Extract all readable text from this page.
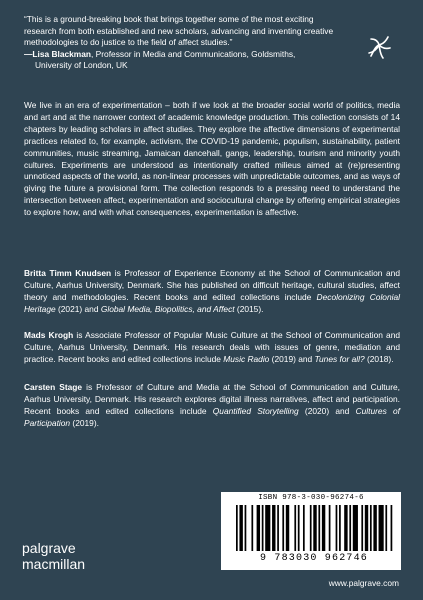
“This is a ground-breaking book that brings together some of the most exciting research from both established and new scholars, advancing and inventing creative methodologies to do justice to the field of affect studies.”

—Lisa Blackman, Professor in Media and Communications, Goldsmiths,

University of London, UK

We live in an era of experimentation – both if we look at the broader social world of politics, media and art and at the narrower context of academic knowledge production. This collection consists of 14 chapters by leading scholars in affect studies. They explore the affective dimensions of experimental practices related to, for example, activism, the COVID-19 pandemic, populism, sustainability, patient communities, music streaming, Jamaican dancehall, gangs, leadership, tourism and minority youth cultures. Experiments are understood as intentionally crafted milieus aimed at (re)presenting unnoticed aspects of the world, as non-linear processes with unpredictable outcomes, and as ways of giving the future a provisional form. The collection responds to a pressing need to understand the intersection between affect, experimentation and sociocultural change by offering empirical strategies to explore how, and with what consequences, experimentation is affective.

Britta Timm Knudsen is Professor of Experience Economy at the School of Communication and Culture, Aarhus University, Denmark. She has published on difficult heritage, cultural studies, affect theory and methodologies. Recent books and edited collections include Decolonizing Colonial Heritage (2021) and Global Media, Biopolitics, and Affect (2015).

Mads Krogh is Associate Professor of Popular Music Culture at the School of Communication and Culture, Aarhus University, Denmark. His research deals with issues of genre, mediation and practice. Recent books and edited collections include Music Radio (2019) and Tunes for all? (2018).

Carsten Stage is Professor of Culture and Media at the School of Communication and Culture, Aarhus University, Denmark. His research explores digital illness narratives, affect and participation. Recent books and edited collections include Quantified Storytelling (2020) and Cultures of Participation (2019).

ISBN 978-3-030-96274-6
9 783030 962746
palgrave
macmillan
www.palgrave.com
